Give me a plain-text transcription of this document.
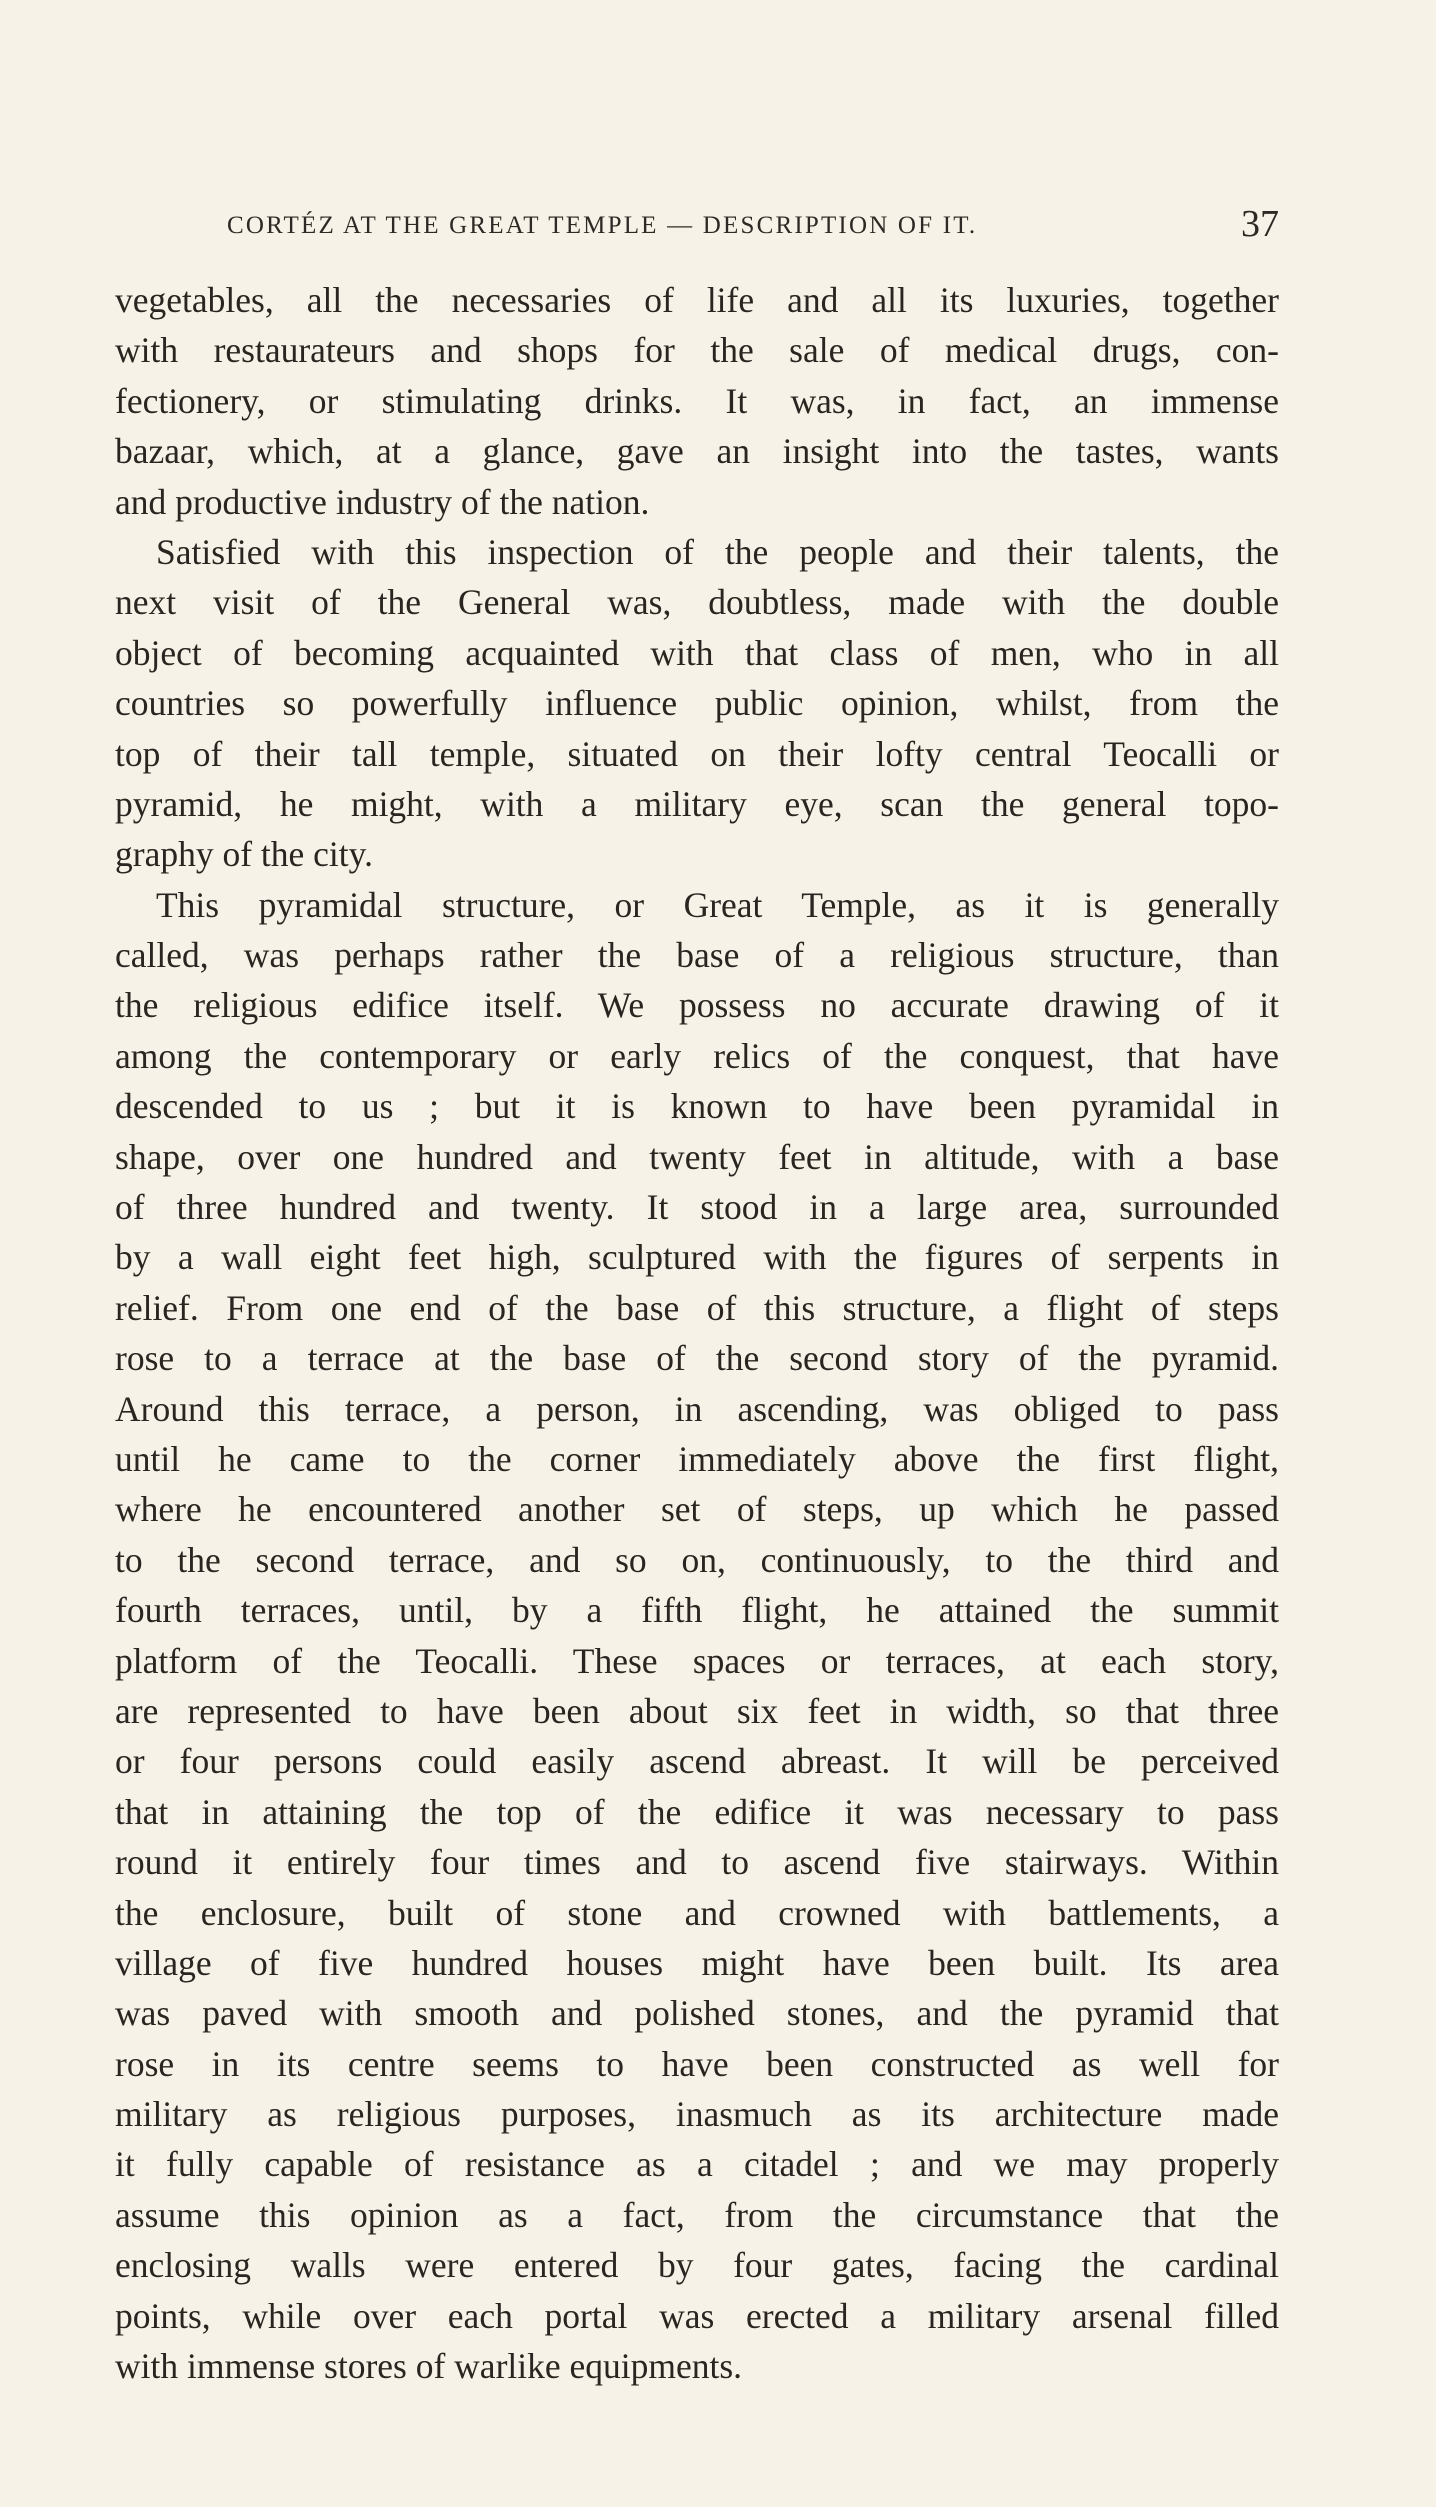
CORTÉZ AT THE GREAT TEMPLE — DESCRIPTION OF IT.	37
vegetables, all the necessaries of life and all its luxuries, together
with restaurateurs and shops for the sale of medical drugs, con-
fectionery, or stimulating drinks. It was, in fact, an immense
bazaar, which, at a glance, gave an insight into the tastes, wants
and productive industry of the nation.
Satisfied with this inspection of the people and their talents, the
next visit of the General was, doubtless, made with the double
object of becoming acquainted with that class of men, who in all
countries so powerfully influence public opinion, whilst, from the
top of their tall temple, situated on their lofty central Teocalli or
pyramid, he might, with a military eye, scan the general topo-
graphy of the city.
This pyramidal structure, or Great Temple, as it is generally
called, was perhaps rather the base of a religious structure, than
the religious edifice itself. We possess no accurate drawing of it
among the contemporary or early relics of the conquest, that have
descended to us ; but it is known to have been pyramidal in
shape, over one hundred and twenty feet in altitude, with a base
of three hundred and twenty. It stood in a large area, surrounded
by a wall eight feet high, sculptured with the figures of serpents in
relief. From one end of the base of this structure, a flight of steps
rose to a terrace at the base of the second story of the pyramid.
Around this terrace, a person, in ascending, was obliged to pass
until he came to the corner immediately above the first flight,
where he encountered another set of steps, up which he passed
to the second terrace, and so on, continuously, to the third and
fourth terraces, until, by a fifth flight, he attained the summit
platform of the Teocalli. These spaces or terraces, at each story,
are represented to have been about six feet in width, so that three
or four persons could easily ascend abreast. It will be perceived
that in attaining the top of the edifice it was necessary to pass
round it entirely four times and to ascend five stairways. Within
the enclosure, built of stone and crowned with battlements, a
village of five hundred houses might have been built. Its area
was paved with smooth and polished stones, and the pyramid that
rose in its centre seems to have been constructed as well for
military as religious purposes, inasmuch as its architecture made
it fully capable of resistance as a citadel ; and we may properly
assume this opinion as a fact, from the circumstance that the
enclosing walls were entered by four gates, facing the cardinal
points, while over each portal was erected a military arsenal filled
with immense stores of warlike equipments.
